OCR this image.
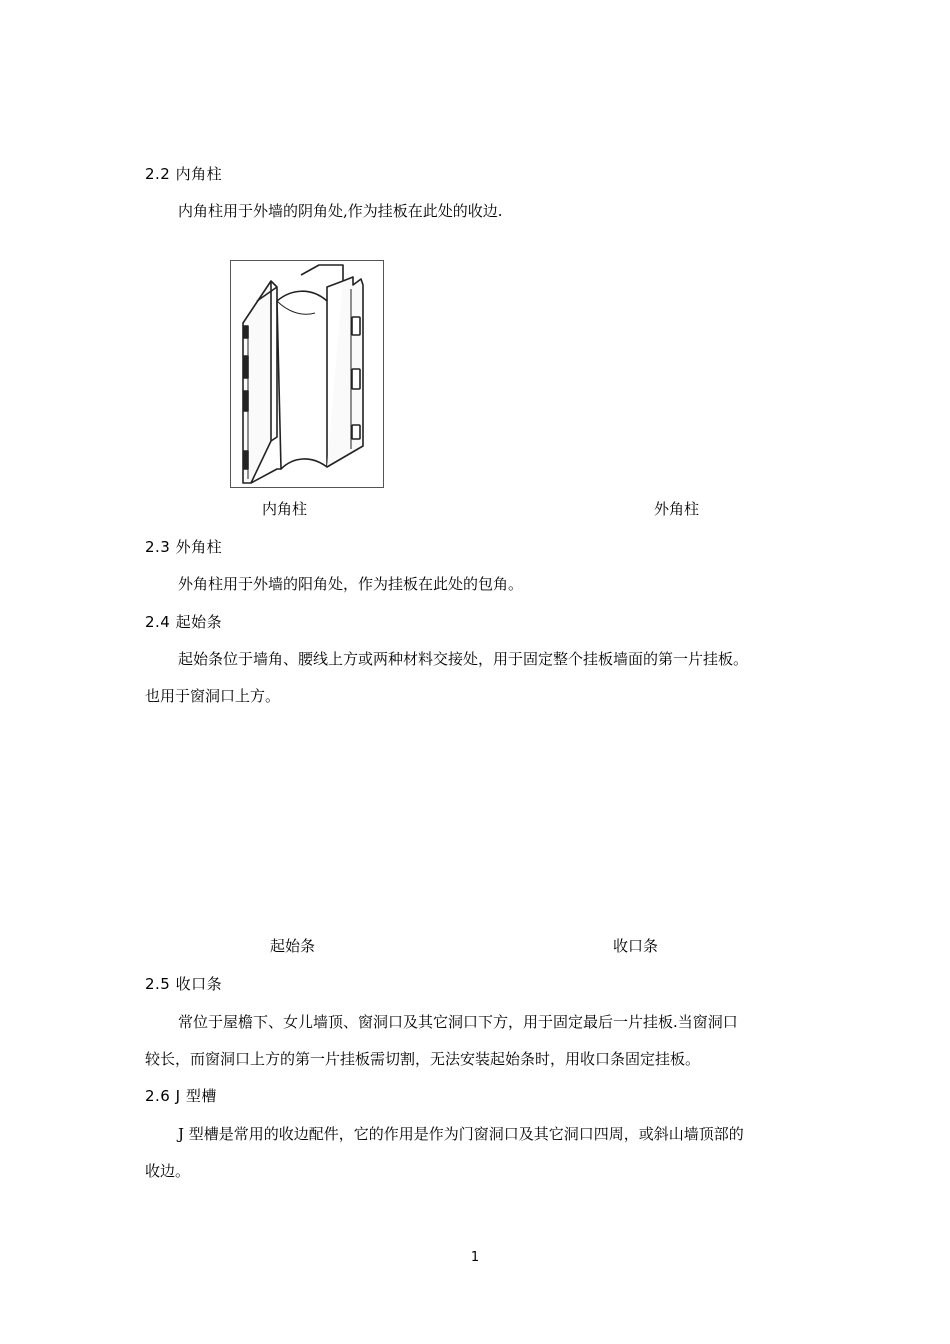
2.2 内角柱
内角柱用于外墙的阴角处,作为挂板在此处的收边.
内角柱	外角柱
2.3 外角柱
外角柱用于外墙的阳角处，作为挂板在此处的包角。
2.4 起始条
起始条位于墙角、腰线上方或两种材料交接处，用于固定整个挂板墙面的第一片挂板。
也用于窗洞口上方。
起始条	收口条
2.5 收口条
常位于屋檐下、女儿墙顶、窗洞口及其它洞口下方，用于固定最后一片挂板.当窗洞口
较长，而窗洞口上方的第一片挂板需切割，无法安装起始条时，用收口条固定挂板。
2.6 J 型槽
J 型槽是常用的收边配件，它的作用是作为门窗洞口及其它洞口四周，或斜山墙顶部的
收边。
1
